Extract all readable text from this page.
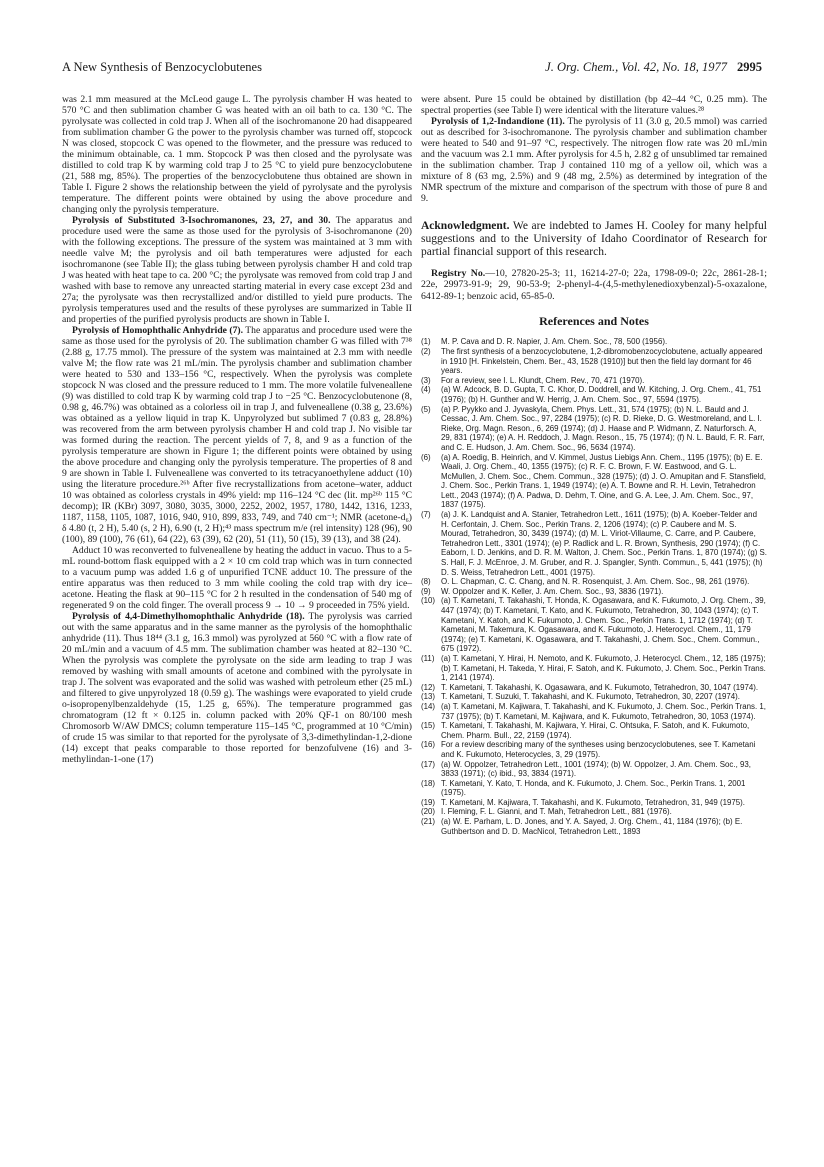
A New Synthesis of Benzocyclobutenes	J. Org. Chem., Vol. 42, No. 18, 1977 2995

was 2.1 mm measured at the McLeod gauge L. The pyrolysis chamber H was heated to 570 °C and then sublimation chamber G was heated with an oil bath to ca. 130 °C. The pyrolysate was collected in cold trap J. When all of the isochromanone 20 had disappeared from sublimation chamber G the power to the pyrolysis chamber was turned off, stopcock N was closed, stopcock C was opened to the flowmeter, and the pressure was reduced to the minimum obtainable, ca. 1 mm. Stopcock P was then closed and the pyrolysate was distilled to cold trap K by warming cold trap J to 25 °C to yield pure benzocyclobutene (21, 588 mg, 85%). The properties of the benzocyclobutene thus obtained are shown in Table I. Figure 2 shows the relationship between the yield of pyrolysate and the pyrolysis temperature. The different points were obtained by using the above procedure and changing only the pyrolysis temperature.

Pyrolysis of Substituted 3-Isochromanones, 23, 27, and 30. The apparatus and procedure used were the same as those used for the pyrolysis of 3-isochromanone (20) with the following exceptions. The pressure of the system was maintained at 3 mm with needle valve M; the pyrolysis and oil bath temperatures were adjusted for each isochromanone (see Table II); the glass tubing between pyrolysis chamber H and cold trap J was heated with heat tape to ca. 200 °C; the pyrolysate was removed from cold trap J and washed with base to remove any unreacted starting material in every case except 23d and 27a; the pyrolysate was then recrystallized and/or distilled to yield pure products. The pyrolysis temperatures used and the results of these pyrolyses are summarized in Table II and properties of the purified pyrolysis products are shown in Table I.

Pyrolysis of Homophthalic Anhydride (7). The apparatus and procedure used were the same as those used for the pyrolysis of 20. The sublimation chamber G was filled with 7³⁸ (2.88 g, 17.75 mmol). The pressure of the system was maintained at 2.3 mm with needle valve M; the flow rate was 21 mL/min. The pyrolysis chamber and sublimation chamber were heated to 530 and 133–156 °C, respectively. When the pyrolysis was complete stopcock N was closed and the pressure reduced to 1 mm. The more volatile fulveneallene (9) was distilled to cold trap K by warming cold trap J to −25 °C. Benzocyclobutenone (8, 0.98 g, 46.7%) was obtained as a colorless oil in trap J, and fulveneallene (0.38 g, 23.6%) was obtained as a yellow liquid in trap K. Unpyrolyzed but sublimed 7 (0.83 g, 28.8%) was recovered from the arm between pyrolysis chamber H and cold trap J. No visible tar was formed during the reaction. The percent yields of 7, 8, and 9 as a function of the pyrolysis temperature are shown in Figure 1; the different points were obtained by using the above procedure and changing only the pyrolysis temperature. The properties of 8 and 9 are shown in Table I. Fulveneallene was converted to its tetracyanoethylene adduct (10) using the literature procedure.²⁶ᵇ After five recrystallizations from acetone–water, adduct 10 was obtained as colorless crystals in 49% yield: mp 116–124 °C dec (lit. mp²⁶ᵇ 115 °C decomp); IR (KBr) 3097, 3080, 3035, 3000, 2252, 2002, 1957, 1780, 1442, 1316, 1233, 1187, 1158, 1105, 1087, 1016, 940, 910, 899, 833, 749, and 740 cm⁻¹; NMR (acetone-d₆) δ 4.80 (t, 2 H), 5.40 (s, 2 H), 6.90 (t, 2 H);⁴³ mass spectrum m/e (rel intensity) 128 (96), 90 (100), 89 (100), 76 (61), 64 (22), 63 (39), 62 (20), 51 (11), 50 (15), 39 (13), and 38 (24).

Adduct 10 was reconverted to fulveneallene by heating the adduct in vacuo. Thus to a 5-mL round-bottom flask equipped with a 2 × 10 cm cold trap which was in turn connected to a vacuum pump was added 1.6 g of unpurified TCNE adduct 10. The pressure of the entire apparatus was then reduced to 3 mm while cooling the cold trap with dry ice–acetone. Heating the flask at 90–115 °C for 2 h resulted in the condensation of 540 mg of regenerated 9 on the cold finger. The overall process 9 → 10 → 9 proceeded in 75% yield.

Pyrolysis of 4,4-Dimethylhomophthalic Anhydride (18). The pyrolysis was carried out with the same apparatus and in the same manner as the pyrolysis of the homophthalic anhydride (11). Thus 18⁴⁴ (3.1 g, 16.3 mmol) was pyrolyzed at 560 °C with a flow rate of 20 mL/min and a vacuum of 4.5 mm. The sublimation chamber was heated at 82–130 °C. When the pyrolysis was complete the pyrolysate on the side arm leading to trap J was removed by washing with small amounts of acetone and combined with the pyrolysate in trap J. The solvent was evaporated and the solid was washed with petroleum ether (25 mL) and filtered to give unpyrolyzed 18 (0.59 g). The washings were evaporated to yield crude o-isopropenylbenzaldehyde (15, 1.25 g, 65%). The temperature programmed gas chromatogram (12 ft × 0.125 in. column packed with 20% QF-1 on 80/100 mesh Chromosorb W/AW DMCS; column temperature 115–145 °C, programmed at 10 °C/min) of crude 15 was similar to that reported for the pyrolysate of 3,3-dimethylindan-1,2-dione (14) except that peaks comparable to those reported for benzofulvene (16) and 3-methylindan-1-one (17)

were absent. Pure 15 could be obtained by distillation (bp 42–44 °C, 0.25 mm). The spectral properties (see Table I) were identical with the literature values.²⁸

Pyrolysis of 1,2-Indandione (11). The pyrolysis of 11 (3.0 g, 20.5 mmol) was carried out as described for 3-isochromanone. The pyrolysis chamber and sublimation chamber were heated to 540 and 91–97 °C, respectively. The nitrogen flow rate was 20 mL/min and the vacuum was 2.1 mm. After pyrolysis for 4.5 h, 2.82 g of unsublimed tar remained in the sublimation chamber. Trap J contained 110 mg of a yellow oil, which was a mixture of 8 (63 mg, 2.5%) and 9 (48 mg, 2.5%) as determined by integration of the NMR spectrum of the mixture and comparison of the spectrum with those of pure 8 and 9.

Acknowledgment. We are indebted to James H. Cooley for many helpful suggestions and to the University of Idaho Coordinator of Research for partial financial support of this research.

Registry No.—10, 27820-25-3; 11, 16214-27-0; 22a, 1798-09-0; 22c, 2861-28-1; 22e, 29973-91-9; 29, 90-53-9; 2-phenyl-4-(4,5-methylenedioxybenzal)-5-oxazalone, 6412-89-1; benzoic acid, 65-85-0.

References and Notes
(1)	M. P. Cava and D. R. Napier, J. Am. Chem. Soc., 78, 500 (1956).
(2)	The first synthesis of a benzocyclobutene, 1,2-dibromobenzocyclobutene, actually appeared in 1910 [H. Finkelstein, Chem. Ber., 43, 1528 (1910)] but then the field lay dormant for 46 years.
(3)	For a review, see I. L. Klundt, Chem. Rev., 70, 471 (1970).
(4)	(a) W. Adcock, B. D. Gupta, T. C. Khor, D. Doddrell, and W. Kitching, J. Org. Chem., 41, 751 (1976); (b) H. Gunther and W. Herrig, J. Am. Chem. Soc., 97, 5594 (1975).
(5)	(a) P. Pyykko and J. Jyvaskyla, Chem. Phys. Lett., 31, 574 (1975); (b) N. L. Bauld and J. Cessac, J. Am. Chem. Soc., 97, 2284 (1975); (c) R. D. Rieke, D. G. Westmoreland, and L. I. Rieke, Org. Magn. Reson., 6, 269 (1974); (d) J. Haase and P. Widmann, Z. Naturforsch. A, 29, 831 (1974); (e) A. H. Reddoch, J. Magn. Reson., 15, 75 (1974); (f) N. L. Bauld, F. R. Farr, and C. E. Hudson, J. Am. Chem. Soc., 96, 5634 (1974).
(6)	(a) A. Roedig, B. Heinrich, and V. Kimmel, Justus Liebigs Ann. Chem., 1195 (1975); (b) E. E. Waali, J. Org. Chem., 40, 1355 (1975); (c) R. F. C. Brown, F. W. Eastwood, and G. L. McMullen, J. Chem. Soc., Chem. Commun., 328 (1975); (d) J. O. Amupitan and F. Stansfield, J. Chem. Soc., Perkin Trans. 1, 1949 (1974); (e) A. T. Bowne and R. H. Levin, Tetrahedron Lett., 2043 (1974); (f) A. Padwa, D. Dehm, T. Oine, and G. A. Lee, J. Am. Chem. Soc., 97, 1837 (1975).
(7)	(a) J. K. Landquist and A. Stanier, Tetrahedron Lett., 1611 (1975); (b) A. Koeber-Telder and H. Cerfontain, J. Chem. Soc., Perkin Trans. 2, 1206 (1974); (c) P. Caubere and M. S. Mourad, Tetrahedron, 30, 3439 (1974); (d) M. L. Viriot-Villaume, C. Carre, and P. Caubere, Tetrahedron Lett., 3301 (1974); (e) P. Radlick and L. R. Brown, Synthesis, 290 (1974); (f) C. Eaborn, I. D. Jenkins, and D. R. M. Walton, J. Chem. Soc., Perkin Trans. 1, 870 (1974); (g) S. S. Hall, F. J. McEnroe, J. M. Gruber, and R. J. Spangler, Synth. Commun., 5, 441 (1975); (h) D. S. Weiss, Tetrahedron Lett., 4001 (1975).
(8)	O. L. Chapman, C. C. Chang, and N. R. Rosenquist, J. Am. Chem. Soc., 98, 261 (1976).
(9)	W. Oppolzer and K. Keller, J. Am. Chem. Soc., 93, 3836 (1971).
(10) (a) T. Kametani, T. Takahashi, T. Honda, K. Ogasawara, and K. Fukumoto, J. Org. Chem., 39, 447 (1974); (b) T. Kametani, T. Kato, and K. Fukumoto, Tetrahedron, 30, 1043 (1974); (c) T. Kametani, Y. Katoh, and K. Fukumoto, J. Chem. Soc., Perkin Trans. 1, 1712 (1974); (d) T. Kametani, M. Takemura, K. Ogasawara, and K. Fukumoto, J. Heterocycl. Chem., 11, 179 (1974); (e) T. Kametani, K. Ogasawara, and T. Takahashi, J. Chem. Soc., Chem. Commun., 675 (1972).
(11) (a) T. Kametani, Y. Hirai, H. Nemoto, and K. Fukumoto, J. Heterocycl. Chem., 12, 185 (1975); (b) T. Kametani, H. Takeda, Y. Hirai, F. Satoh, and K. Fukumoto, J. Chem. Soc., Perkin Trans. 1, 2141 (1974).
(12) T. Kametani, T. Takahashi, K. Ogasawara, and K. Fukumoto, Tetrahedron, 30, 1047 (1974).
(13) T. Kametani, T. Suzuki, T. Takahashi, and K. Fukumoto, Tetrahedron, 30, 2207 (1974).
(14) (a) T. Kametani, M. Kajiwara, T. Takahashi, and K. Fukumoto, J. Chem. Soc., Perkin Trans. 1, 737 (1975); (b) T. Kametani, M. Kajiwara, and K. Fukumoto, Tetrahedron, 30, 1053 (1974).
(15) T. Kametani, T. Takahashi, M. Kajiwara, Y. Hirai, C. Ohtsuka, F. Satoh, and K. Fukumoto, Chem. Pharm. Bull., 22, 2159 (1974).
(16) For a review describing many of the syntheses using benzocyclobutenes, see T. Kametani and K. Fukumoto, Heterocycles, 3, 29 (1975).
(17) (a) W. Oppolzer, Tetrahedron Lett., 1001 (1974); (b) W. Oppolzer, J. Am. Chem. Soc., 93, 3833 (1971); (c) ibid., 93, 3834 (1971).
(18) T. Kametani, Y. Kato, T. Honda, and K. Fukumoto, J. Chem. Soc., Perkin Trans. 1, 2001 (1975).
(19) T. Kametani, M. Kajiwara, T. Takahashi, and K. Fukumoto, Tetrahedron, 31, 949 (1975).
(20) I. Fleming, F. L. Gianni, and T. Mah, Tetrahedron Lett., 881 (1976).
(21) (a) W. E. Parham, L. D. Jones, and Y. A. Sayed, J. Org. Chem., 41, 1184 (1976); (b) E. Guthbertson and D. D. MacNicol, Tetrahedron Lett., 1893
